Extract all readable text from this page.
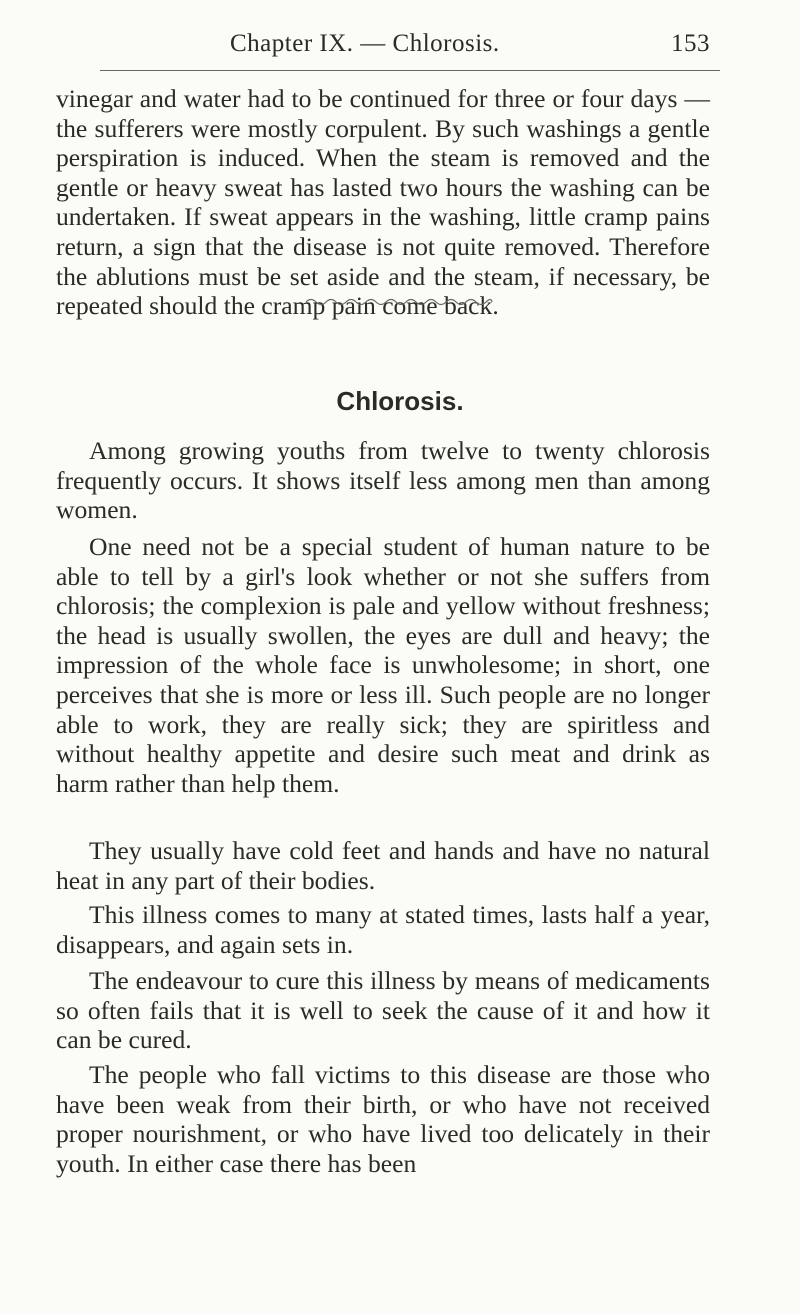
Chapter IX. — Chlorosis.	153

vinegar and water had to be continued for three or four days — the sufferers were mostly corpulent. By such washings a gentle perspiration is induced. When the steam is removed and the gentle or heavy sweat has lasted two hours the washing can be undertaken. If sweat appears in the washing, little cramp pains return, a sign that the disease is not quite removed. Therefore the ablutions must be set aside and the steam, if necessary, be repeated should the cramp pain come back.

Chlorosis.

Among growing youths from twelve to twenty chlorosis frequently occurs. It shows itself less among men than among women.

One need not be a special student of human nature to be able to tell by a girl's look whether or not she suffers from chlorosis; the complexion is pale and yellow without freshness; the head is usually swollen, the eyes are dull and heavy; the impression of the whole face is unwholesome; in short, one perceives that she is more or less ill. Such people are no longer able to work, they are really sick; they are spiritless and without healthy appetite and desire such meat and drink as harm rather than help them.

They usually have cold feet and hands and have no natural heat in any part of their bodies.

This illness comes to many at stated times, lasts half a year, disappears, and again sets in.

The endeavour to cure this illness by means of medicaments so often fails that it is well to seek the cause of it and how it can be cured.

The people who fall victims to this disease are those who have been weak from their birth, or who have not received proper nourishment, or who have lived too delicately in their youth. In either case there has been
